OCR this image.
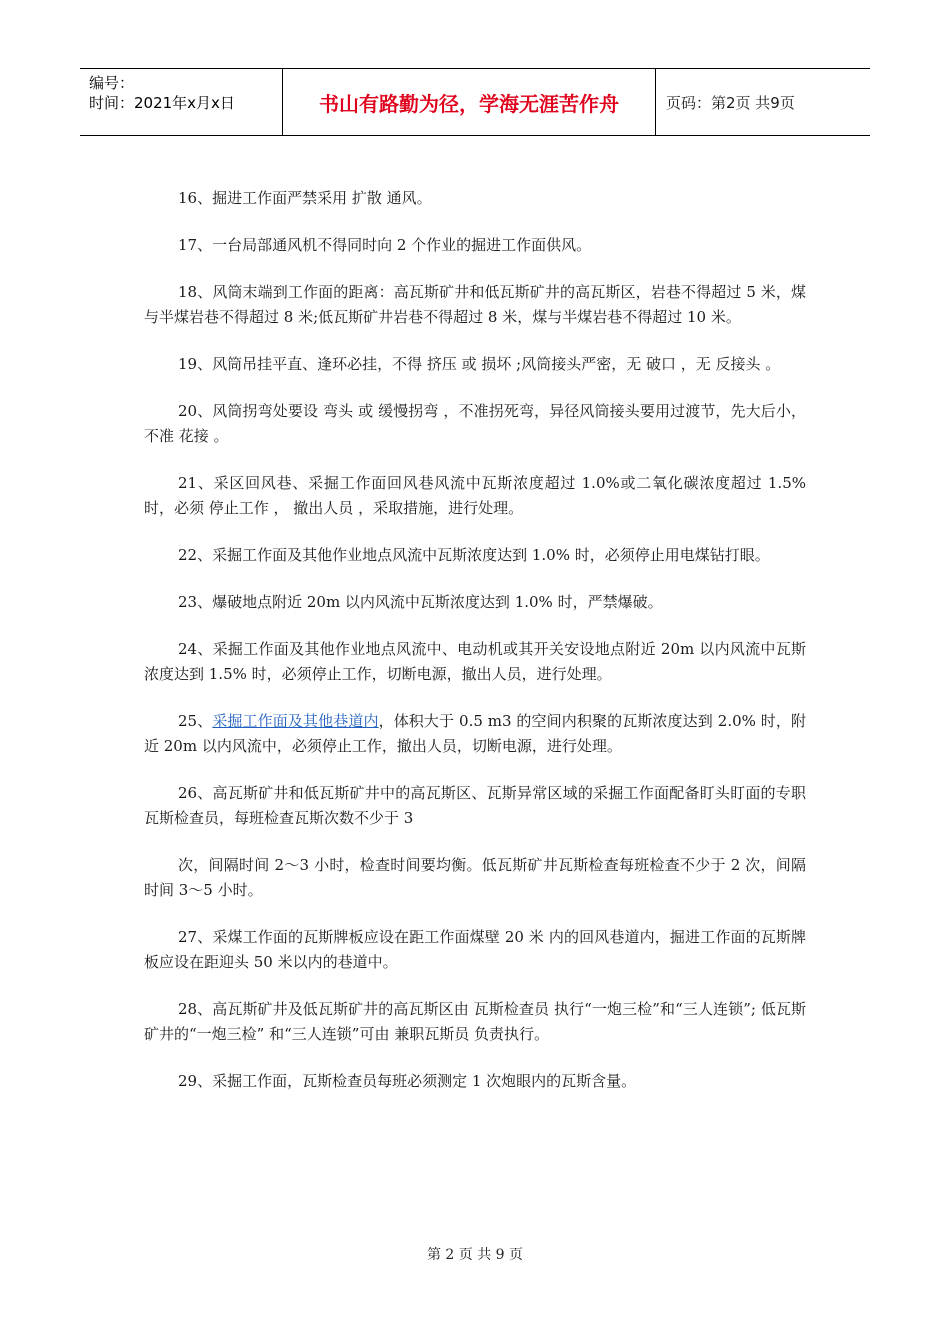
编号：
时间：2021年x月x日	书山有路勤为径，学海无涯苦作舟	页码：第2页 共9页

16、掘进工作面严禁采用 扩散 通风。

17、一台局部通风机不得同时向 2 个作业的掘进工作面供风。

18、风筒末端到工作面的距离：高瓦斯矿井和低瓦斯矿井的高瓦斯区，岩巷不得超过 5 米，煤与半煤岩巷不得超过 8 米;低瓦斯矿井岩巷不得超过 8 米，煤与半煤岩巷不得超过 10 米。

19、风筒吊挂平直、逢环必挂，不得 挤压 或 损坏 ;风筒接头严密，无 破口 ，无 反接头 。

20、风筒拐弯处要设 弯头 或 缓慢拐弯 ，不准拐死弯，异径风筒接头要用过渡节，先大后小，不准 花接 。

21、采区回风巷、采掘工作面回风巷风流中瓦斯浓度超过 1.0%或二氧化碳浓度超过 1.5%时，必须 停止工作 ， 撤出人员 ，采取措施，进行处理。

22、采掘工作面及其他作业地点风流中瓦斯浓度达到 1.0% 时，必须停止用电煤钻打眼。

23、爆破地点附近 20m 以内风流中瓦斯浓度达到 1.0% 时，严禁爆破。

24、采掘工作面及其他作业地点风流中、电动机或其开关安设地点附近 20m 以内风流中瓦斯浓度达到 1.5% 时，必须停止工作，切断电源，撤出人员，进行处理。

25、采掘工作面及其他巷道内，体积大于 0.5 m3 的空间内积聚的瓦斯浓度达到 2.0% 时，附近 20m 以内风流中，必须停止工作，撤出人员，切断电源，进行处理。

26、高瓦斯矿井和低瓦斯矿井中的高瓦斯区、瓦斯异常区域的采掘工作面配备盯头盯面的专职瓦斯检查员，每班检查瓦斯次数不少于 3

次，间隔时间 2～3 小时，检查时间要均衡。低瓦斯矿井瓦斯检查每班检查不少于 2 次，间隔时间 3～5 小时。

27、采煤工作面的瓦斯牌板应设在距工作面煤壁 20 米 内的回风巷道内，掘进工作面的瓦斯牌板应设在距迎头 50 米以内的巷道中。

28、高瓦斯矿井及低瓦斯矿井的高瓦斯区由 瓦斯检查员 执行“一炮三检”和“三人连锁”; 低瓦斯矿井的“一炮三检” 和“三人连锁”可由 兼职瓦斯员 负责执行。

29、采掘工作面，瓦斯检查员每班必须测定 1 次炮眼内的瓦斯含量。

第 2 页 共 9 页
